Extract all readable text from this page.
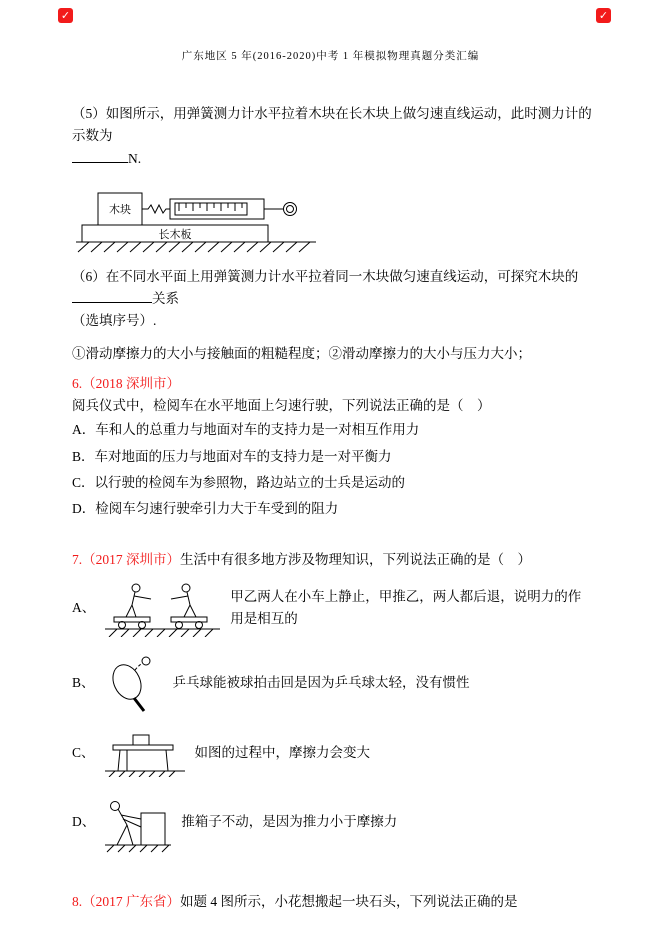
✓	✓
广东地区 5 年(2016-2020)中考 1 年模拟物理真题分类汇编

（5）如图所示，用弹簧测力计水平拉着木块在长木块上做匀速直线运动，此时测力计的示数为

N.

长木板
木块

（6）在不同水平面上用弹簧测力计水平拉着同一木块做匀速直线运动，可探究木块的关系

（选填序号）.

①滑动摩擦力的大小与接触面的粗糙程度；②滑动摩擦力的大小与压力大小；

6.（2018 深圳市）阅兵仪式中，检阅车在水平地面上匀速行驶，下列说法正确的是（　）

A．车和人的总重力与地面对车的支持力是一对相互作用力

B．车对地面的压力与地面对车的支持力是一对平衡力

C．以行驶的检阅车为参照物，路边站立的士兵是运动的

D．检阅车匀速行驶牵引力大于车受到的阻力

7.（2017 深圳市）生活中有很多地方涉及物理知识，下列说法正确的是（　）

A、
甲乙两人在小车上静止，甲推乙，两人都后退，说明力的作用是相互的
B、	乒乓球能被球拍击回是因为乒乓球太轻，没有惯性
C、	如图的过程中，摩擦力会变大
D、	推箱子不动，是因为推力小于摩擦力

8.（2017 广东省）如题 4 图所示，小花想搬起一块石头，下列说法正确的是
